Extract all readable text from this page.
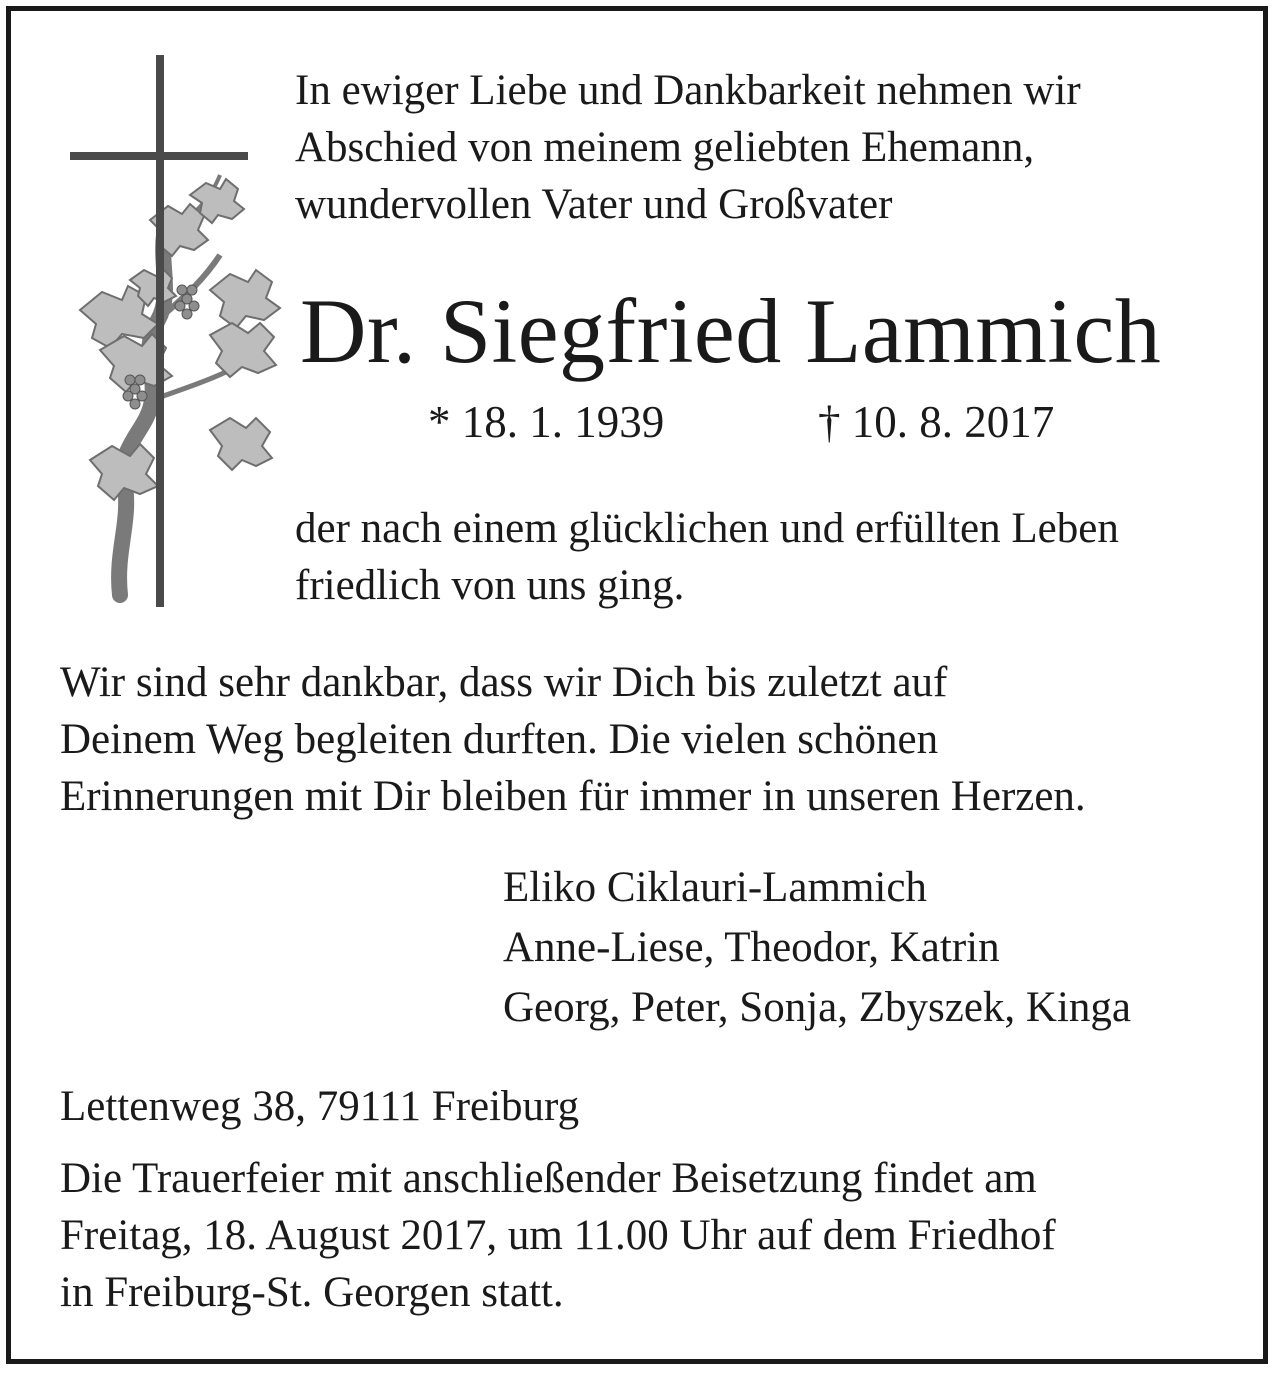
In ewiger Liebe und Dankbarkeit nehmen wir
Abschied von meinem geliebten Ehemann,
wundervollen Vater und Großvater
Dr. Siegfried Lammich
* 18. 1. 1939	† 10. 8. 2017
der nach einem glücklichen und erfüllten Leben
friedlich von uns ging.
Wir sind sehr dankbar, dass wir Dich bis zuletzt auf
Deinem Weg begleiten durften. Die vielen schönen
Erinnerungen mit Dir bleiben für immer in unseren Herzen.
Eliko Ciklauri-Lammich
Anne-Liese, Theodor, Katrin
Georg, Peter, Sonja, Zbyszek, Kinga
Lettenweg 38, 79111 Freiburg
Die Trauerfeier mit anschließender Beisetzung findet am
Freitag, 18. August 2017, um 11.00 Uhr auf dem Friedhof
in Freiburg-St. Georgen statt.
